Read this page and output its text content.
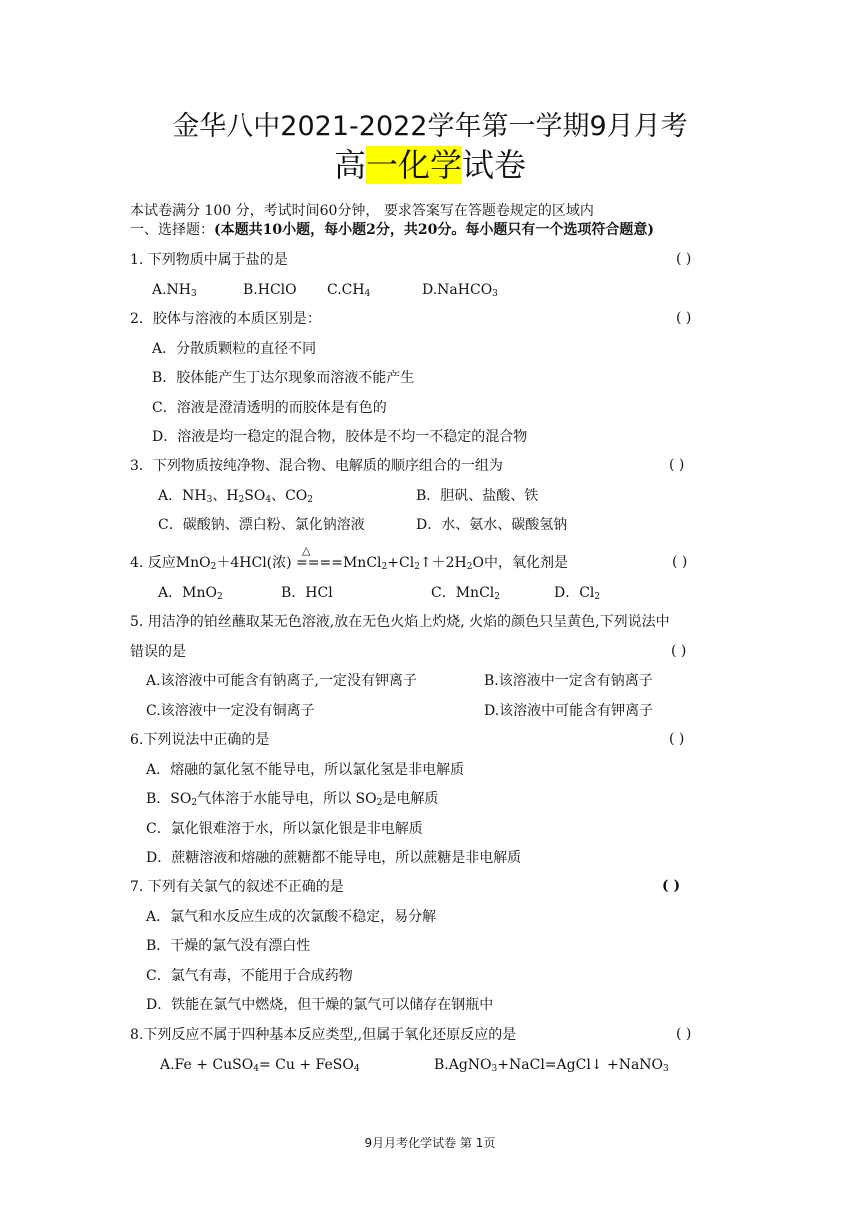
金华八中2021-2022学年第一学期9月月考
高一化学试卷
本试卷满分 100 分，考试时间60分钟， 要求答案写在答题卷规定的区域内
一、选择题：(本题共10小题，每小题2分，共20分。每小题只有一个选项符合题意)
1. 下列物质中属于盐的是	( )
$A.NH_3$	B.HClO $C.CH_4$	D.NaHCO$_3$
2．胶体与溶液的本质区别是：	( )
A．分散质颗粒的直径不同
B．胶体能产生丁达尔现象而溶液不能产生
C．溶液是澄清透明的而胶体是有色的
D．溶液是均一稳定的混合物，胶体是不均一不稳定的混合物
3．下列物质按纯净物、混合物、电解质的顺序组合的一组为	( )
A．$NH_3$、$H_2SO_4$、$CO_2$	B．胆矾、盐酸、铁
C．碳酸钠、漂白粉、氯化钠溶液	D．水、氨水、碳酸氢钠
△
4. 反应MnO$_2$＋4HCl(浓) $====MnCl_2+Cl_2↑+2H_2O$中，氧化剂是	( )
A．MnO$_2$	B．HCl	C．MnCl$_2$	D．$Cl_2$
5. 用洁净的铂丝蘸取某无色溶液,放在无色火焰上灼烧, 火焰的颜色只呈黄色,下列说法中
错误的是	( )
A.该溶液中可能含有钠离子,一定没有钾离子	B.该溶液中一定含有钠离子
C.该溶液中一定没有铜离子	D.该溶液中可能含有钾离子
6.下列说法中正确的是	( )
A．熔融的氯化氢不能导电，所以氯化氢是非电解质
B．$SO_2$气体溶于水能导电，所以 $SO_2$是电解质
C．氯化银难溶于水，所以氯化银是非电解质
D．蔗糖溶液和熔融的蔗糖都不能导电，所以蔗糖是非电解质
7. 下列有关氯气的叙述不正确的是	( )
A．氯气和水反应生成的次氯酸不稳定，易分解
B．干燥的氯气没有漂白性
C．氯气有毒，不能用于合成药物
D．铁能在氯气中燃烧，但干燥的氯气可以储存在钢瓶中
8.下列反应不属于四种基本反应类型,,但属于氧化还原反应的是	( )
A.Fe + CuSO$_4$= Cu + FeSO$_4$	B.AgNO$_3$+NaCl=AgCl↓ +NaNO$_3$
9月月考化学试卷 第 1页
